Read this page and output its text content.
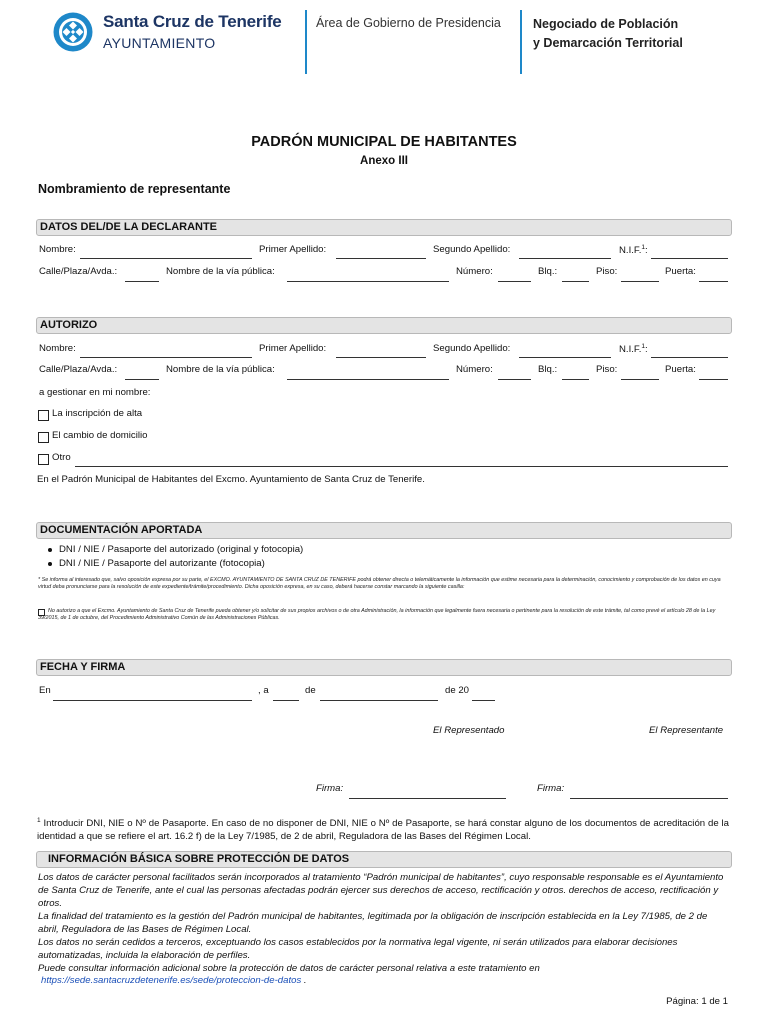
Santa Cruz de Tenerife
AYUNTAMIENTO
Área de Gobierno de Presidencia	Negociado de Población
y Demarcación Territorial
PADRÓN MUNICIPAL DE HABITANTES
Anexo III
Nombramiento de representante
DATOS DEL/DE LA DECLARANTE
Nombre:	Primer Apellido:	Segundo Apellido:	N.I.F.$^1$:
Calle/Plaza/Avda.:	Nombre de la vía pública:	Número:	Blq.:	Piso:	Puerta:
AUTORIZO
Nombre:	Primer Apellido:	Segundo Apellido:	N.I.F.$^1$:
Calle/Plaza/Avda.:	Nombre de la vía pública:	Número:	Blq.:	Piso:	Puerta:
a gestionar en mi nombre:
La inscripción de alta
El cambio de domicilio
Otro
En el Padrón Municipal de Habitantes del Excmo. Ayuntamiento de Santa Cruz de Tenerife.
DOCUMENTACIÓN APORTADA
DNI / NIE / Pasaporte del autorizado (original y fotocopia)
DNI / NIE / Pasaporte del autorizante (fotocopia)
* Se informa al interesado que, salvo oposición expresa por su parte, el EXCMO. AYUNTAMIENTO DE SANTA CRUZ DE TENERIFE podrá obtener directa o telemáticamente la información que estime necesaria para la determinación, conocimiento y comprobación de los datos en cuya virtud deba pronunciarse para la resolución de este expediente/trámite/procedimiento. Dicha oposición expresa, en su caso, deberá hacerse constar marcando la siguiente casilla:
No autorizo a que el Excmo. Ayuntamiento de Santa Cruz de Tenerife pueda obtener y/o solicitar de sus propios archivos o de otra Administración, la información que legalmente fuera necesaria o pertinente para la resolución de este trámite, tal como prevé el artículo 28 de la Ley 39/2015, de 1 de octubre, del Procedimiento Administrativo Común de las Administraciones Públicas.
FECHA Y FIRMA
En	, a	de	de 20
El Representado	El Representante
Firma:	Firma:
$^1$ Introducir DNI, NIE o Nº de Pasaporte. En caso de no disponer de DNI, NIE o Nº de Pasaporte, se hará constar alguno de los documentos de acreditación de la identidad a que se refiere el art. 16.2 f) de la Ley 7/1985, de 2 de abril, Reguladora de las Bases del Régimen Local.
INFORMACIÓN BÁSICA SOBRE PROTECCIÓN DE DATOS
Los datos de carácter personal facilitados serán incorporados al tratamiento “Padrón municipal de habitantes”, cuyo responsable responsable es el Ayuntamiento de Santa Cruz de Tenerife, ante el cual las personas afectadas podrán ejercer sus derechos de acceso, rectificación y otros. derechos de acceso, rectificación y otros.
La finalidad del tratamiento es la gestión del Padrón municipal de habitantes, legitimada por la obligación de inscripción establecida en la Ley 7/1985, de 2 de abril, Reguladora de las Bases de Régimen Local.
Los datos no serán cedidos a terceros, exceptuando los casos establecidos por la normativa legal vigente, ni serán utilizados para elaborar decisiones automatizadas, incluida la elaboración de perfiles.
Puede consultar información adicional sobre la protección de datos de carácter personal relativa a este tratamiento en
https://sede.santacruzdetenerife.es/sede/proteccion-de-datos .
Página: 1 de 1
